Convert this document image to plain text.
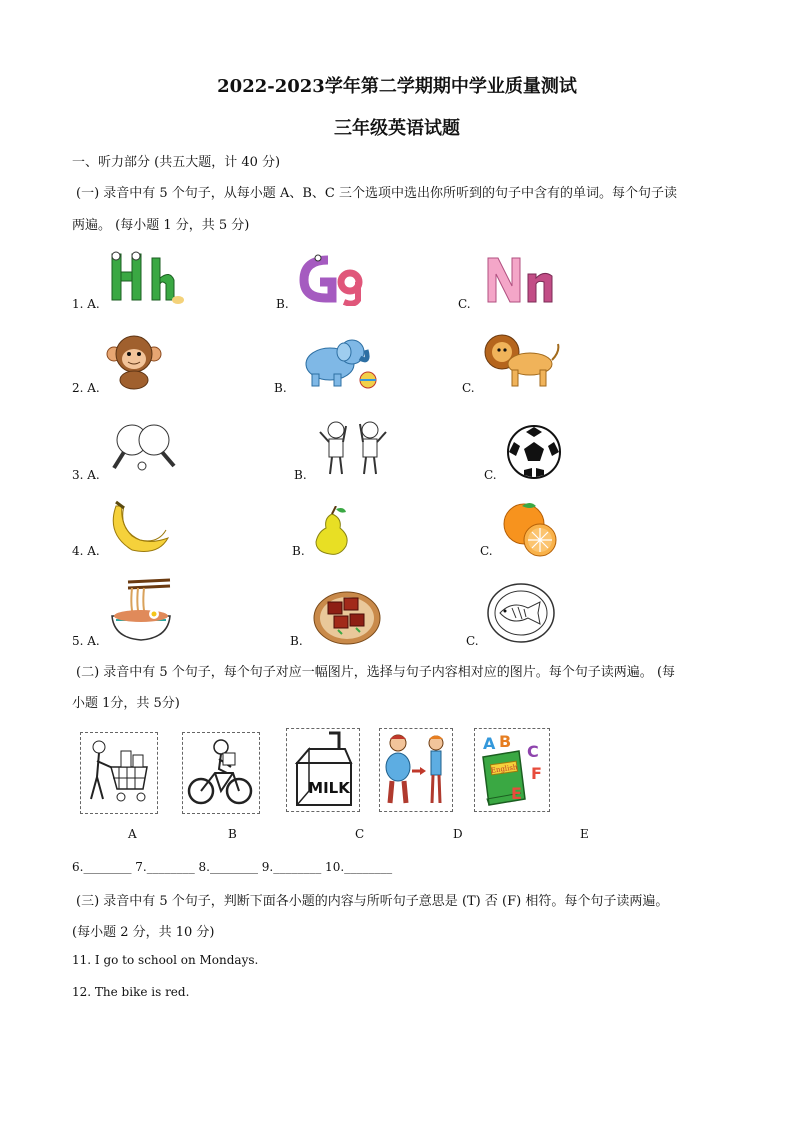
2022-2023学年第二学期期中学业质量测试
三年级英语试题
一、听力部分 (共五大题，计 40 分)
(一) 录音中有 5 个句子，从每小题 A、B、C 三个选项中选出你所听到的句子中含有的单词。每个句子读
两遍。 (每小题 1 分，共 5 分)
1. A.	B.	C.
2. A.	B.	C.
3. A.	B.	C.
4. A.	B.	C.
5. A.	B.	C.
(二) 录音中有 5 个句子，每个句子对应一幅图片，选择与句子内容相对应的图片。每个句子读两遍。 (每
小题 1分，共 5分)
MILK
English
A B
C
F
E
A	B	C	D	E
6.________ 7.________ 8.________ 9.________ 10.________
(三) 录音中有 5 个句子，判断下面各小题的内容与所听句子意思是 (T) 否 (F) 相符。每个句子读两遍。
(每小题 2 分，共 10 分)
11. I go to school on Mondays.
12. The bike is red.
